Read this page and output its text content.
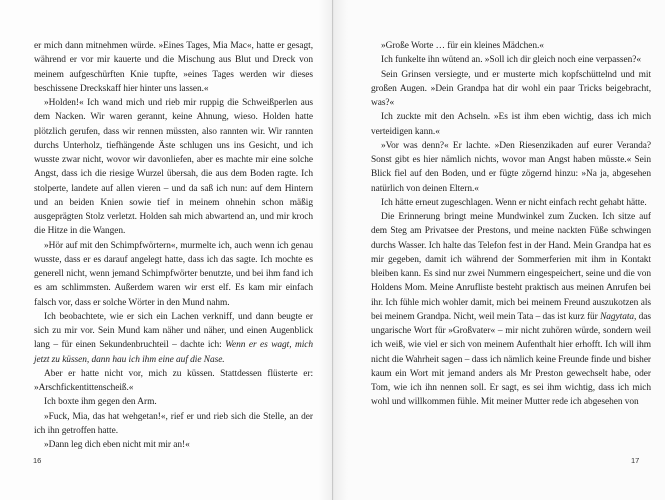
er mich dann mitnehmen würde. »Eines Tages, Mia Mac«, hatte er gesagt, während er vor mir kauerte und die Mischung aus Blut und Dreck von meinem aufgeschürften Knie tupfte, »eines Tages werden wir dieses beschissene Dreckskaff hier hinter uns lassen.«

»Holden!« Ich wand mich und rieb mir ruppig die Schweißperlen aus dem Nacken. Wir waren gerannt, keine Ahnung, wieso. Holden hatte plötzlich gerufen, dass wir rennen müssten, also rannten wir. Wir rannten durchs Unterholz, tiefhängende Äste schlugen uns ins Gesicht, und ich wusste zwar nicht, wovor wir davonliefen, aber es machte mir eine solche Angst, dass ich die riesige Wurzel übersah, die aus dem Boden ragte. Ich stolperte, landete auf allen vieren – und da saß ich nun: auf dem Hintern und an beiden Knien sowie tief in meinem ohnehin schon mäßig ausgeprägten Stolz verletzt. Holden sah mich abwartend an, und mir kroch die Hitze in die Wangen.

»Hör auf mit den Schimpfwörtern«, murmelte ich, auch wenn ich genau wusste, dass er es darauf angelegt hatte, dass ich das sagte. Ich mochte es generell nicht, wenn jemand Schimpfwörter benutzte, und bei ihm fand ich es am schlimmsten. Außerdem waren wir erst elf. Es kam mir einfach falsch vor, dass er solche Wörter in den Mund nahm.

Ich beobachtete, wie er sich ein Lachen verkniff, und dann beugte er sich zu mir vor. Sein Mund kam näher und näher, und einen Augenblick lang – für einen Sekundenbruchteil – dachte ich: Wenn er es wagt, mich jetzt zu küssen, dann hau ich ihm eine auf die Nase.

Aber er hatte nicht vor, mich zu küssen. Stattdessen flüsterte er: »Arschfickentittenscheiß.«

Ich boxte ihm gegen den Arm.

»Fuck, Mia, das hat wehgetan!«, rief er und rieb sich die Stelle, an der ich ihn getroffen hatte.

»Dann leg dich eben nicht mit mir an!«

16

»Große Worte … für ein kleines Mädchen.«

Ich funkelte ihn wütend an. »Soll ich dir gleich noch eine verpassen?«

Sein Grinsen versiegte, und er musterte mich kopfschüttelnd und mit großen Augen. »Dein Grandpa hat dir wohl ein paar Tricks beigebracht, was?«

Ich zuckte mit den Achseln. »Es ist ihm eben wichtig, dass ich mich verteidigen kann.«

»Vor was denn?« Er lachte. »Den Riesenzikaden auf eurer Veranda? Sonst gibt es hier nämlich nichts, wovor man Angst haben müsste.« Sein Blick fiel auf den Boden, und er fügte zögernd hinzu: »Na ja, abgesehen natürlich von deinen Eltern.«

Ich hätte erneut zugeschlagen. Wenn er nicht einfach recht gehabt hätte.

Die Erinnerung bringt meine Mundwinkel zum Zucken. Ich sitze auf dem Steg am Privatsee der Prestons, und meine nackten Füße schwingen durchs Wasser. Ich halte das Telefon fest in der Hand. Mein Grandpa hat es mir gegeben, damit ich während der Sommerferien mit ihm in Kontakt bleiben kann. Es sind nur zwei Nummern eingespeichert, seine und die von Holdens Mom. Meine Anrufliste besteht praktisch aus meinen Anrufen bei ihr. Ich fühle mich wohler damit, mich bei meinem Freund auszukotzen als bei meinem Grandpa. Nicht, weil mein Tata – das ist kurz für Nagytata, das ungarische Wort für »Großvater« – mir nicht zuhören würde, sondern weil ich weiß, wie viel er sich von meinem Aufenthalt hier erhofft. Ich will ihm nicht die Wahrheit sagen – dass ich nämlich keine Freunde finde und bisher kaum ein Wort mit jemand anders als Mr Preston gewechselt habe, oder Tom, wie ich ihn nennen soll. Er sagt, es sei ihm wichtig, dass ich mich wohl und willkommen fühle. Mit meiner Mutter rede ich abgesehen von

17
